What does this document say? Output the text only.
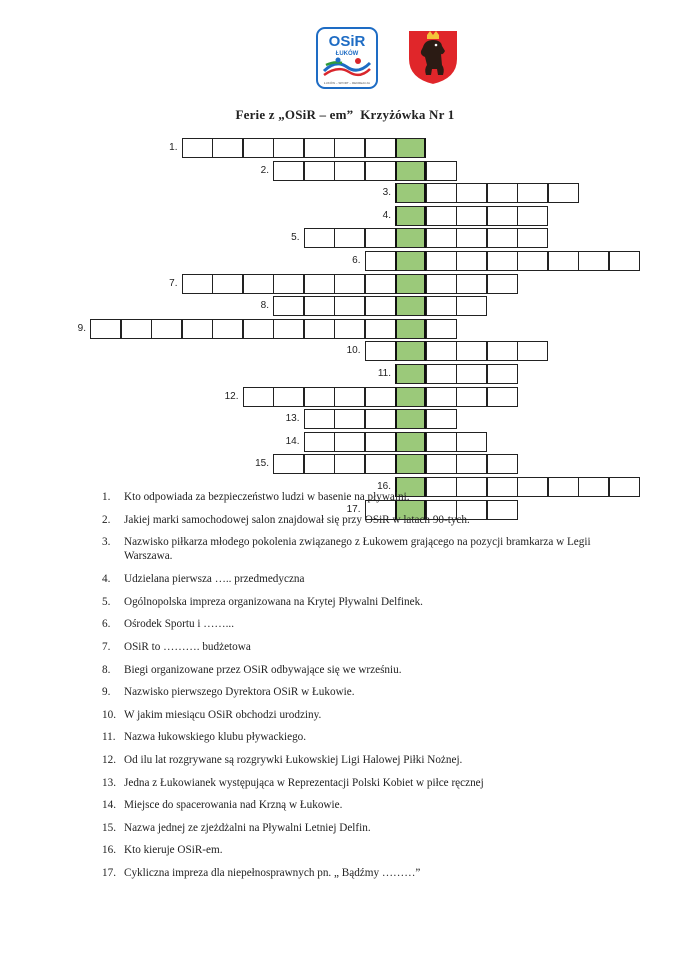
OSiR
ŁUKÓW
ŁUKÓW – SPORT – REKREACJA
Ferie z „OSiR – em”  Krzyżówka Nr 1
1.
2.
3.
4.
5.
6.
7.
8.
9.
10.
11.
12.
13.
14.
15.
16.
17.
1.	Kto odpowiada za bezpieczeństwo ludzi w basenie na pływalni.
2.	Jakiej marki samochodowej salon znajdował się przy OSiR w latach 90-tych.
3.	Nazwisko piłkarza młodego pokolenia związanego z Łukowem grającego na pozycji bramkarza w Legii Warszawa.
4.	Udzielana pierwsza ….. przedmedyczna
5.	Ogólnopolska impreza organizowana na Krytej Pływalni Delfinek.
6.	Ośrodek Sportu i ……...
7.	OSiR to ………. budżetowa
8.	Biegi organizowane przez OSiR odbywające się we wrześniu.
9.	Nazwisko pierwszego Dyrektora OSiR w Łukowie.
10. W jakim miesiącu OSiR obchodzi urodziny.
11. Nazwa łukowskiego klubu pływackiego.
12. Od ilu lat rozgrywane są rozgrywki Łukowskiej Ligi Halowej Piłki Nożnej.
13. Jedna z Łukowianek występująca w Reprezentacji Polski Kobiet w piłce ręcznej
14. Miejsce do spacerowania nad Krzną w Łukowie.
15. Nazwa jednej ze zjeżdżalni na Pływalni Letniej Delfin.
16. Kto kieruje OSiR-em.
17. Cykliczna impreza dla niepełnosprawnych pn. „ Bądźmy ………”
